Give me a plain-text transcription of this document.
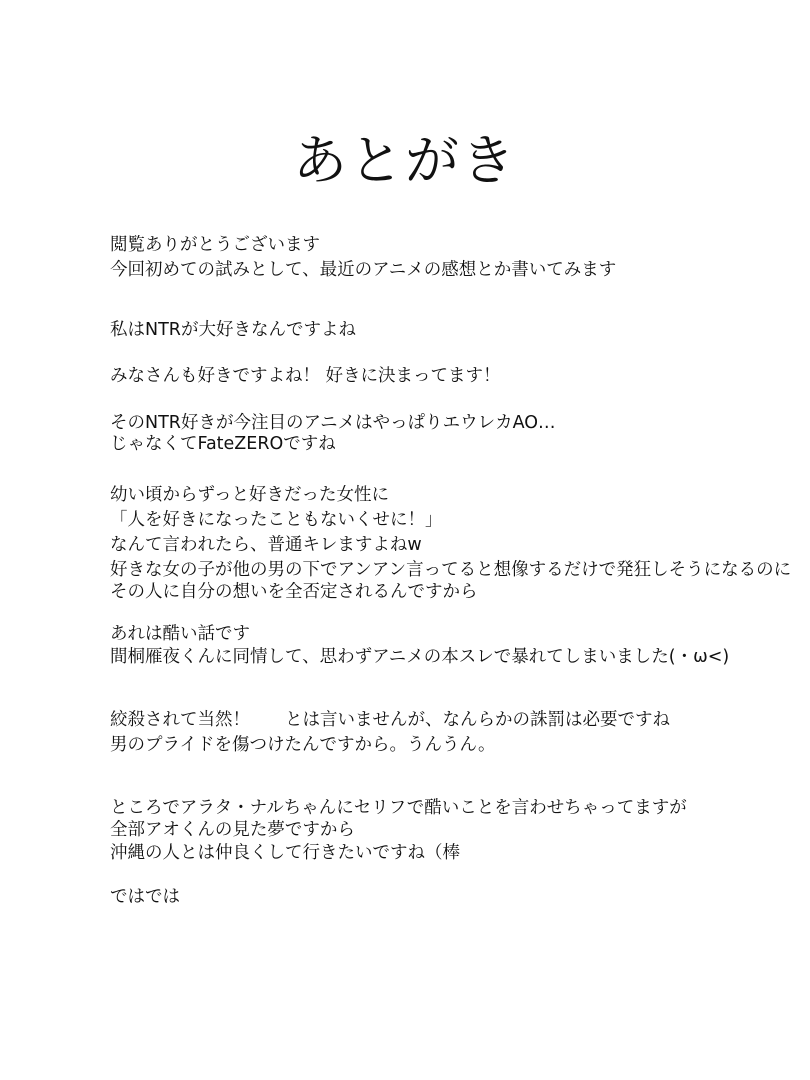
あとがき
閲覧ありがとうございます
今回初めての試みとして、最近のアニメの感想とか書いてみます
私はNTRが大好きなんですよね
みなさんも好きですよね！ 好きに決まってます！
そのNTR好きが今注目のアニメはやっぱりエウレカAO…
じゃなくてFateZEROですね
幼い頃からずっと好きだった女性に
「人を好きになったこともないくせに！」
なんて言われたら、普通キレますよねw
好きな女の子が他の男の下でアンアン言ってると想像するだけで発狂しそうになるのに
その人に自分の想いを全否定されるんですから
あれは酷い話です
間桐雁夜くんに同情して、思わずアニメの本スレで暴れてしまいました(・ω<)
絞殺されて当然！　　とは言いませんが、なんらかの誅罰は必要ですね
男のプライドを傷つけたんですから。うんうん。
ところでアラタ・ナルちゃんにセリフで酷いことを言わせちゃってますが
全部アオくんの見た夢ですから
沖縄の人とは仲良くして行きたいですね（棒
ではでは
